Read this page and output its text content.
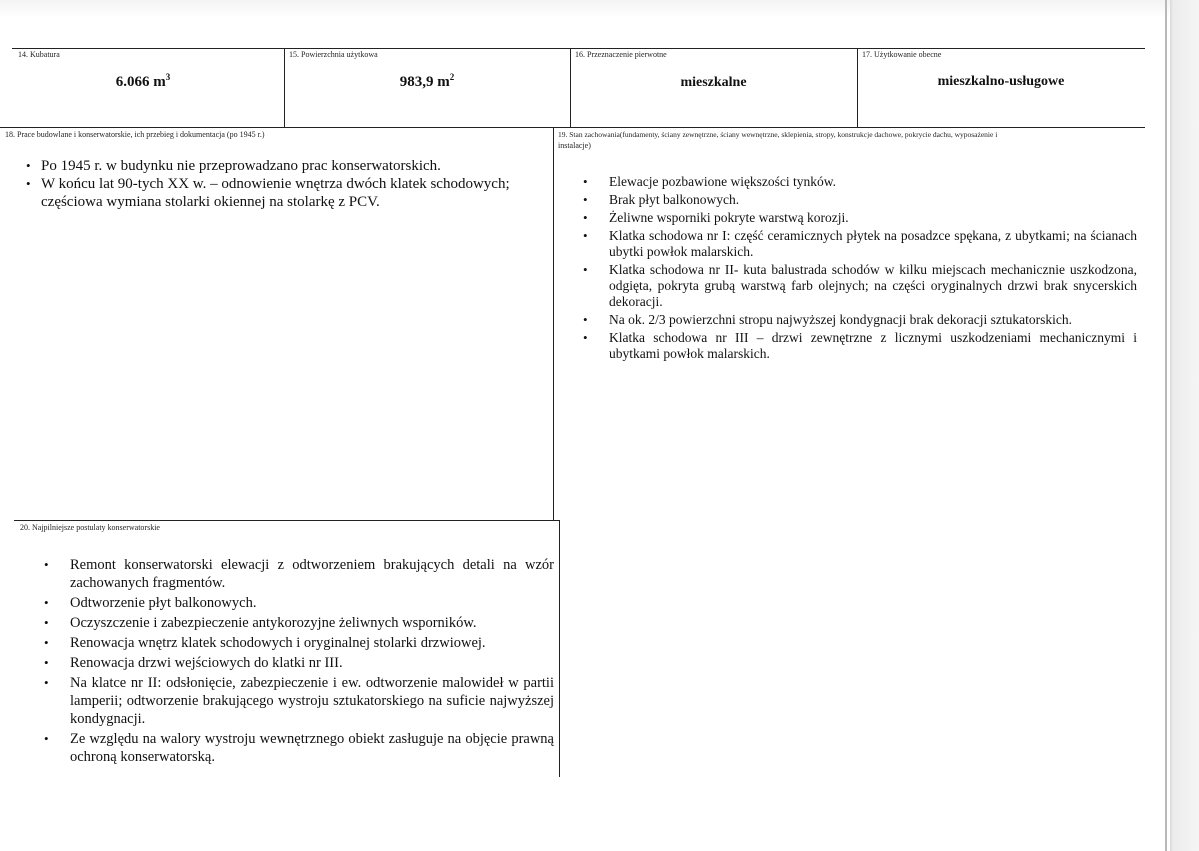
14. Kubatura
6.066 $m^3$
15. Powierzchnia użytkowa
983,9 $m^2$
16. Przeznaczenie pierwotne
mieszkalne
17. Użytkowanie obecne
mieszkalno-usługowe
18. Prace budowlane i konserwatorskie, ich przebieg i dokumentacja (po 1945 r.)
• Po 1945 r. w budynku nie przeprowadzano prac konserwatorskich.
• W końcu lat 90-tych XX w. – odnowienie wnętrza dwóch klatek schodowych; częściowa wymiana stolarki okiennej na stolarkę z PCV.
19. Stan zachowania(fundamenty, ściany zewnętrzne, ściany wewnętrzne, sklepienia, stropy, konstrukcje dachowe, pokrycie dachu, wyposażenie i
instalacje)
• Elewacje pozbawione większości tynków.
• Brak płyt balkonowych.
• Żeliwne wsporniki pokryte warstwą korozji.
• Klatka schodowa nr I: część ceramicznych płytek na posadzce spękana, z ubytkami; na ścianach ubytki powłok malarskich.
• Klatka schodowa nr II- kuta balustrada schodów w kilku miejscach mechanicznie uszkodzona, odgięta, pokryta grubą warstwą farb olejnych; na części oryginalnych drzwi brak snycerskich dekoracji.
• Na ok. 2/3 powierzchni stropu najwyższej kondygnacji brak dekoracji sztukatorskich.
• Klatka schodowa nr III – drzwi zewnętrzne z licznymi uszkodzeniami mechanicznymi i ubytkami powłok malarskich.
20. Najpilniejsze postulaty konserwatorskie
• Remont konserwatorski elewacji z odtworzeniem brakujących detali na wzór zachowanych fragmentów.
• Odtworzenie płyt balkonowych.
• Oczyszczenie i zabezpieczenie antykorozyjne żeliwnych wsporników.
• Renowacja wnętrz klatek schodowych i oryginalnej stolarki drzwiowej.
• Renowacja drzwi wejściowych do klatki nr III.
• Na klatce nr II: odsłonięcie, zabezpieczenie i ew. odtworzenie malowideł w partii lamperii; odtworzenie brakującego wystroju sztukatorskiego na suficie najwyższej kondygnacji.
• Ze względu na walory wystroju wewnętrznego obiekt zasługuje na objęcie prawną ochroną konserwatorską.
